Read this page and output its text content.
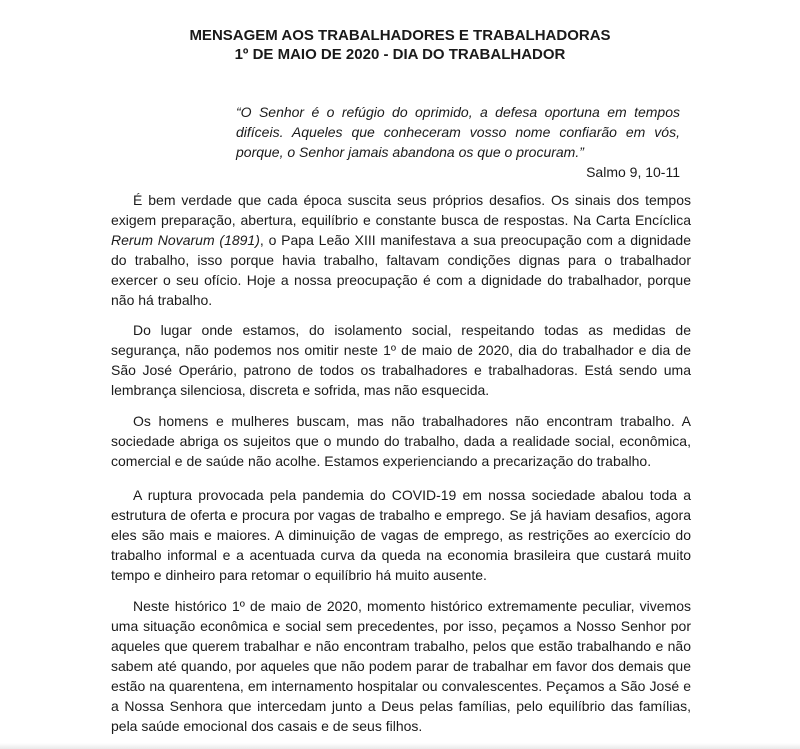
MENSAGEM AOS TRABALHADORES E TRABALHADORAS
1º DE MAIO DE 2020 - DIA DO TRABALHADOR
“O Senhor é o refúgio do oprimido, a defesa oportuna em tempos difíceis. Aqueles que conheceram vosso nome confiarão em vós, porque, o Senhor jamais abandona os que o procuram.”
Salmo 9, 10-11

É bem verdade que cada época suscita seus próprios desafios. Os sinais dos tempos exigem preparação, abertura, equilíbrio e constante busca de respostas. Na Carta Encíclica Rerum Novarum (1891), o Papa Leão XIII manifestava a sua preocupação com a dignidade do trabalho, isso porque havia trabalho, faltavam condições dignas para o trabalhador exercer o seu ofício. Hoje a nossa preocupação é com a dignidade do trabalhador, porque não há trabalho.

Do lugar onde estamos, do isolamento social, respeitando todas as medidas de segurança, não podemos nos omitir neste 1º de maio de 2020, dia do trabalhador e dia de São José Operário, patrono de todos os trabalhadores e trabalhadoras. Está sendo uma lembrança silenciosa, discreta e sofrida, mas não esquecida.

Os homens e mulheres buscam, mas não trabalhadores não encontram trabalho. A sociedade abriga os sujeitos que o mundo do trabalho, dada a realidade social, econômica, comercial e de saúde não acolhe. Estamos experienciando a precarização do trabalho.

A ruptura provocada pela pandemia do COVID-19 em nossa sociedade abalou toda a estrutura de oferta e procura por vagas de trabalho e emprego. Se já haviam desafios, agora eles são mais e maiores. A diminuição de vagas de emprego, as restrições ao exercício do trabalho informal e a acentuada curva da queda na economia brasileira que custará muito tempo e dinheiro para retomar o equilíbrio há muito ausente.

Neste histórico 1º de maio de 2020, momento histórico extremamente peculiar, vivemos uma situação econômica e social sem precedentes, por isso, peçamos a Nosso Senhor por aqueles que querem trabalhar e não encontram trabalho, pelos que estão trabalhando e não sabem até quando, por aqueles que não podem parar de trabalhar em favor dos demais que estão na quarentena, em internamento hospitalar ou convalescentes. Peçamos a São José e a Nossa Senhora que intercedam junto a Deus pelas famílias, pelo equilíbrio das famílias, pela saúde emocional dos casais e de seus filhos.
